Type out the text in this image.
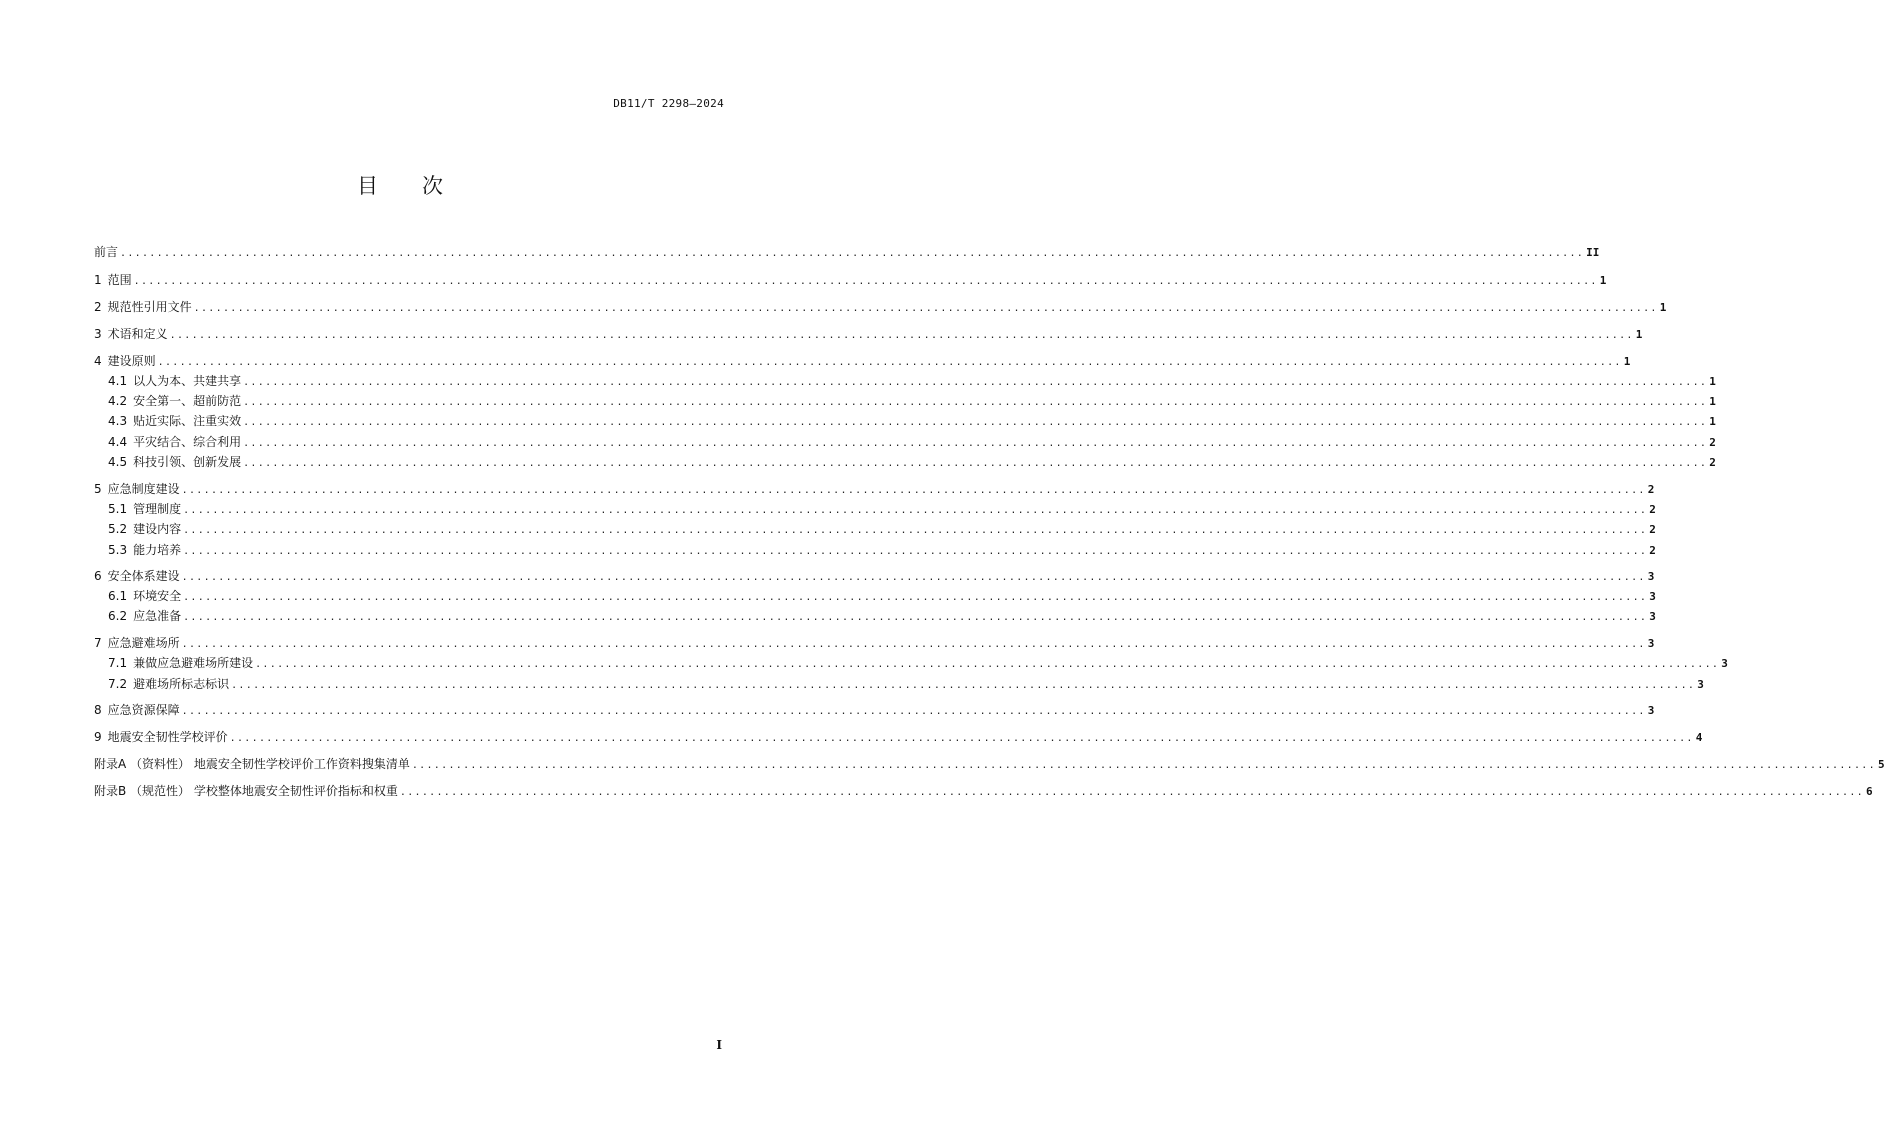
DB11/T 2298—2024
目次
前言 ........................................................................................................................................................................................................ II
1 范围 ........................................................................................................................................................................................................ 1
2 规范性引用文件 ........................................................................................................................................................................................................ 1
3 术语和定义 ........................................................................................................................................................................................................ 1
4 建设原则 ........................................................................................................................................................................................................ 1
4.1 以人为本、共建共享 ........................................................................................................................................................................................................ 1
4.2 安全第一、超前防范 ........................................................................................................................................................................................................ 1
4.3 贴近实际、注重实效 ........................................................................................................................................................................................................ 1
4.4 平灾结合、综合利用 ........................................................................................................................................................................................................ 2
4.5 科技引领、创新发展 ........................................................................................................................................................................................................ 2
5 应急制度建设 ........................................................................................................................................................................................................ 2
5.1 管理制度 ........................................................................................................................................................................................................ 2
5.2 建设内容 ........................................................................................................................................................................................................ 2
5.3 能力培养 ........................................................................................................................................................................................................ 2
6 安全体系建设 ........................................................................................................................................................................................................ 3
6.1 环境安全 ........................................................................................................................................................................................................ 3
6.2 应急准备 ........................................................................................................................................................................................................ 3
7 应急避难场所 ........................................................................................................................................................................................................ 3
7.1 兼做应急避难场所建设 ........................................................................................................................................................................................................ 3
7.2 避难场所标志标识 ........................................................................................................................................................................................................ 3
8 应急资源保障 ........................................................................................................................................................................................................ 3
9 地震安全韧性学校评价 ........................................................................................................................................................................................................ 4
附录A （资料性） 地震安全韧性学校评价工作资料搜集清单 ........................................................................................................................................................................................................ 5
附录B （规范性） 学校整体地震安全韧性评价指标和权重 ........................................................................................................................................................................................................ 6
I
